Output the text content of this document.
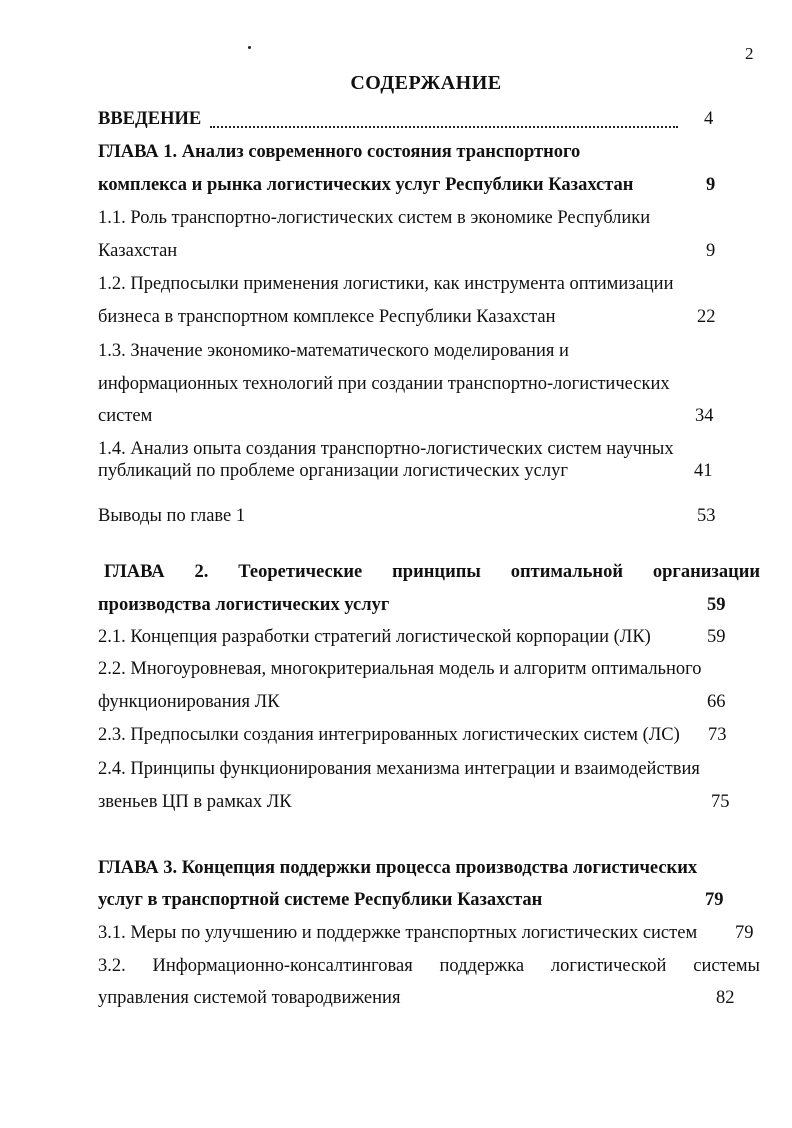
2
СОДЕРЖАНИЕ
ВВЕДЕНИЕ	4
ГЛАВА 1. Анализ современного состояния транспортного
комплекса и рынка логистических услуг Республики Казахстан	9
1.1. Роль транспортно-логистических систем в экономике Республики
Казахстан	9
1.2. Предпосылки применения логистики, как инструмента оптимизации
бизнеса в транспортном комплексе Республики Казахстан	22
1.3. Значение экономико-математического моделирования и
информационных технологий при создании транспортно-логистических
систем	34
1.4. Анализ опыта создания транспортно-логистических систем научных
публикаций по проблеме организации логистических услуг	41
Выводы по главе 1	53
ГЛАВА 2. Теоретические принципы оптимальной организации
производства логистических услуг	59
2.1. Концепция разработки стратегий логистической корпорации (ЛК)	59
2.2. Многоуровневая, многокритериальная модель и алгоритм оптимального
функционирования ЛК	66
2.3. Предпосылки создания интегрированных логистических систем (ЛС) 73
2.4. Принципы функционирования механизма интеграции и взаимодействия
звеньев ЦП в рамках ЛК	75
ГЛАВА 3. Концепция поддержки процесса производства логистических
услуг в транспортной системе Республики Казахстан	79
3.1. Меры по улучшению и поддержке транспортных логистических систем 79
3.2. Информационно-консалтинговая поддержка логистической системы
управления системой товародвижения	82
